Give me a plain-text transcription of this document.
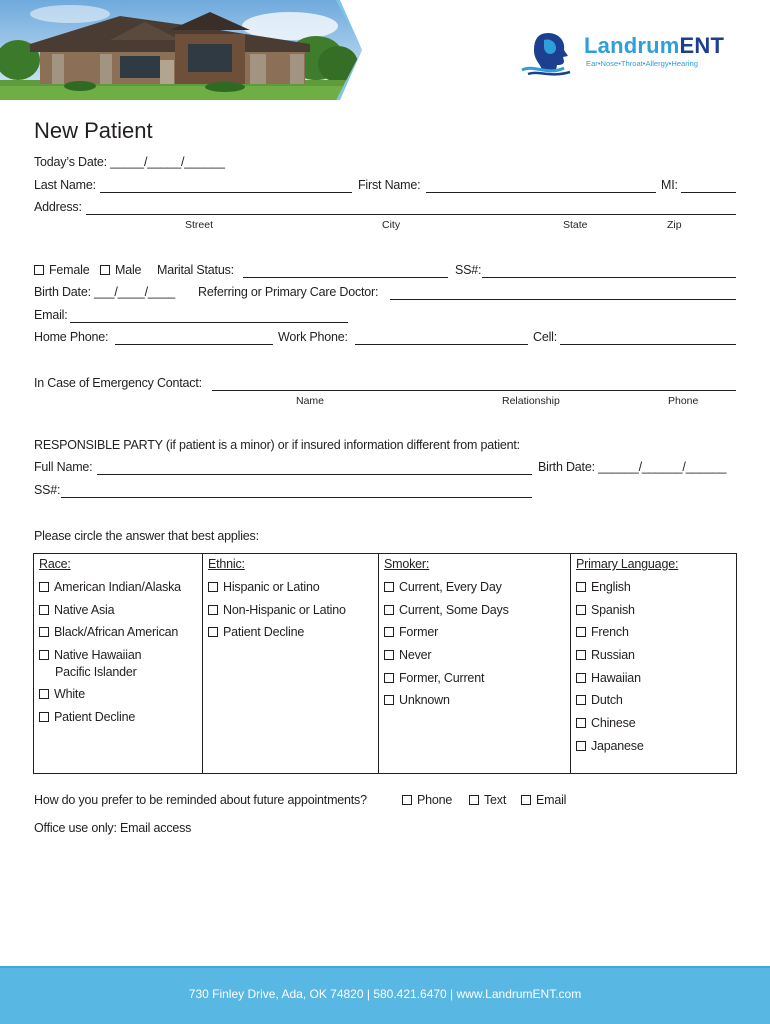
LandrumENT
Ear•Nose•Throat•Allergy•Hearing
New Patient
Today’s Date: _____/_____/______
Last Name:	First Name:	MI:
Address:
Street	City	State	Zip
Female	Male Marital Status:	SS#:
Birth Date: ___/____/____ Referring or Primary Care Doctor:
Email:
Home Phone:	Work Phone:	Cell:
In Case of Emergency Contact:
Name	Relationship	Phone
RESPONSIBLE PARTY (if patient is a minor) or if insured information different from patient:
Full Name:	Birth Date: ______/______/______
SS#:
Please circle the answer that best applies:
Race:
American Indian/Alaska
Native Asia
Black/African American
Native Hawaiian
Pacific Islander
White
Patient Decline
Ethnic:
Hispanic or Latino
Non-Hispanic or Latino
Patient Decline
Smoker:
Current, Every Day
Current, Some Days
Former
Never
Former, Current
Unknown
Primary Language:
English
Spanish
French
Russian
Hawaiian
Dutch
Chinese
Japanese
How do you prefer to be reminded about future appointments?	Phone	Text	Email
Office use only: Email access
730 Finley Drive, Ada, OK 74820 | 580.421.6470 | www.LandrumENT.com
